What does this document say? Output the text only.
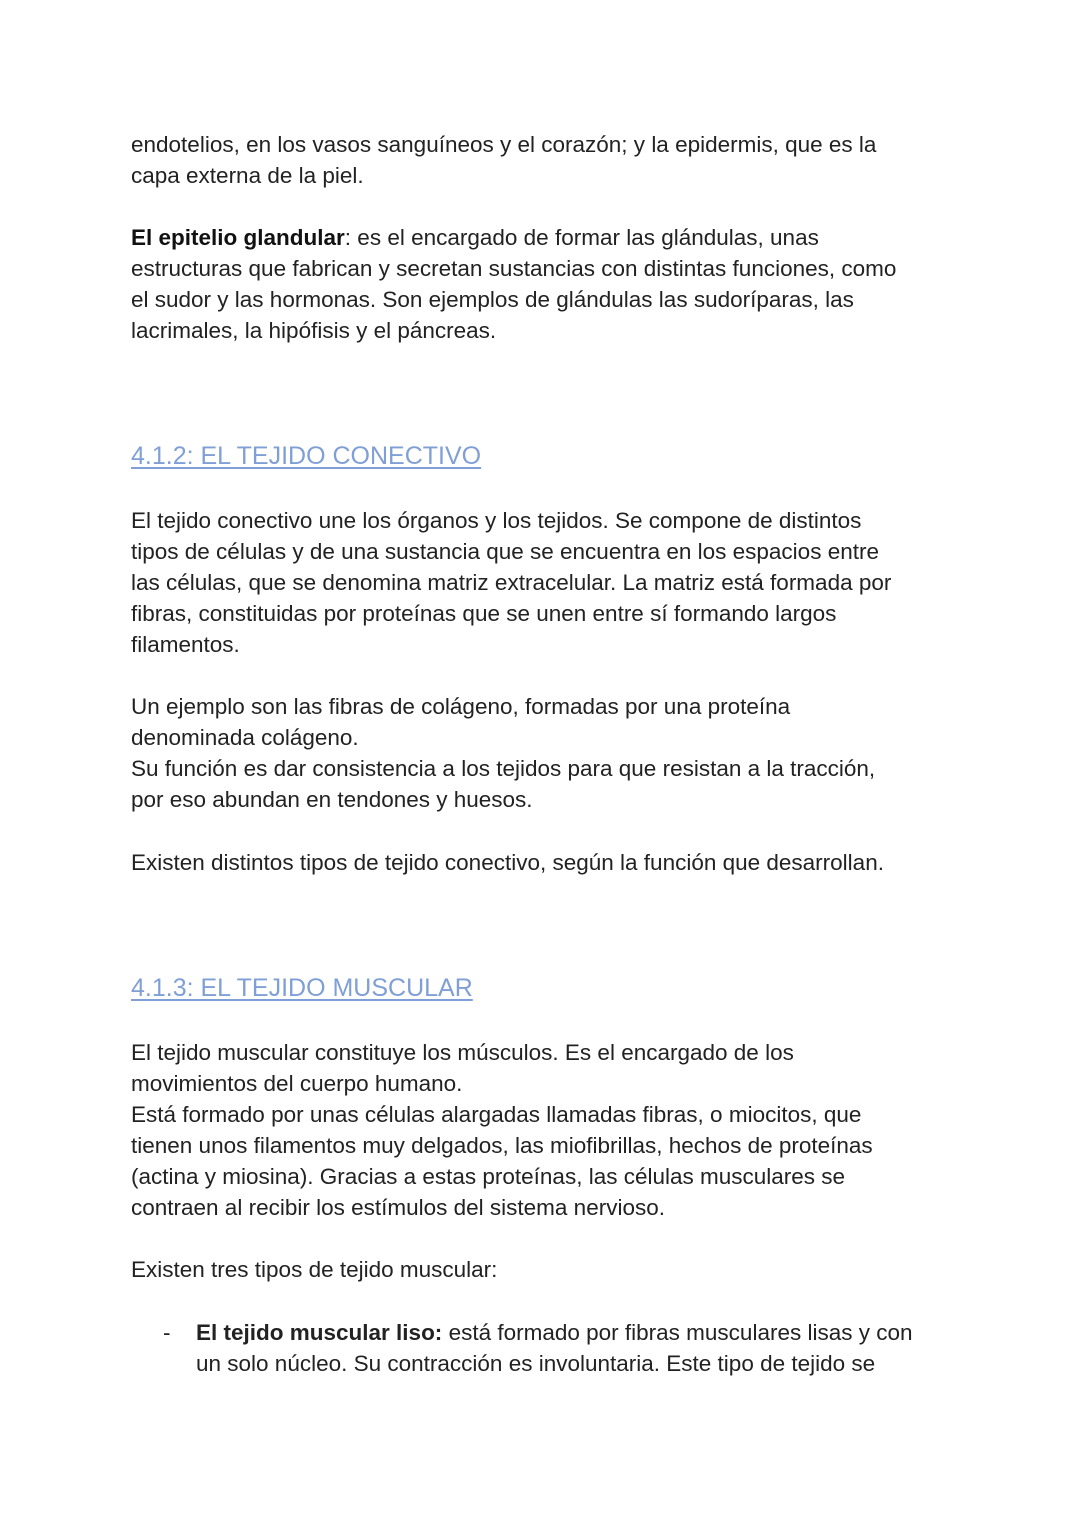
endotelios, en los vasos sanguíneos y el corazón; y la epidermis, que es la
capa externa de la piel.

El epitelio glandular: es el encargado de formar las glándulas, unas
estructuras que fabrican y secretan sustancias con distintas funciones, como
el sudor y las hormonas. Son ejemplos de glándulas las sudoríparas, las
lacrimales, la hipófisis y el páncreas.

4.1.2: EL TEJIDO CONECTIVO

El tejido conectivo une los órganos y los tejidos. Se compone de distintos
tipos de células y de una sustancia que se encuentra en los espacios entre
las células, que se denomina matriz extracelular. La matriz está formada por
fibras, constituidas por proteínas que se unen entre sí formando largos
filamentos.

Un ejemplo son las fibras de colágeno, formadas por una proteína
denominada colágeno.
Su función es dar consistencia a los tejidos para que resistan a la tracción,
por eso abundan en tendones y huesos.

Existen distintos tipos de tejido conectivo, según la función que desarrollan.

4.1.3: EL TEJIDO MUSCULAR

El tejido muscular constituye los músculos. Es el encargado de los
movimientos del cuerpo humano.
Está formado por unas células alargadas llamadas fibras, o miocitos, que
tienen unos filamentos muy delgados, las miofibrillas, hechos de proteínas
(actina y miosina). Gracias a estas proteínas, las células musculares se
contraen al recibir los estímulos del sistema nervioso.

Existen tres tipos de tejido muscular:

- El tejido muscular liso: está formado por fibras musculares lisas y con
un solo núcleo. Su contracción es involuntaria. Este tipo de tejido se
